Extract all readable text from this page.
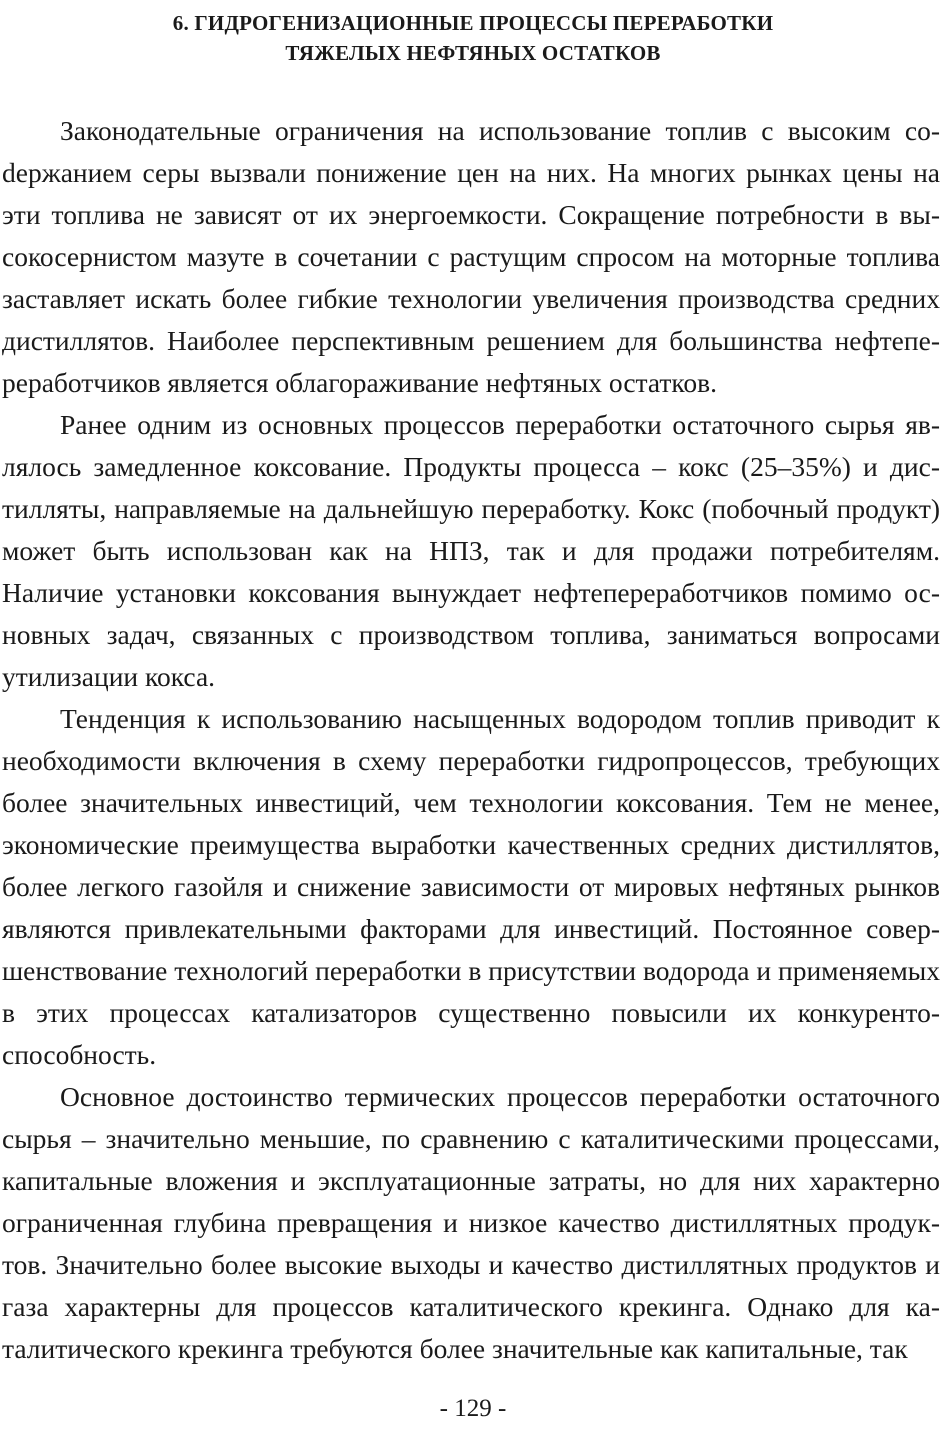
6. ГИДРОГЕНИЗАЦИОННЫЕ ПРОЦЕССЫ ПЕРЕРАБОТКИ
ТЯЖЕЛЫХ НЕФТЯНЫХ ОСТАТКОВ

Законодательные ограничения на использование топлив с высоким соdержанием серы вызвали понижение цен на них. На многих рынках цены на эти топлива не зависят от их энергоемкости. Сокращение потребности в высокосернистом мазуте в сочетании с растущим спросом на моторные топлива заставляет искать более гибкие технологии увеличения производства средних дистиллятов. Наиболее перспективным решением для большинства нефтепереработчиков является облагораживание нефтяных остатков.

Ранее одним из основных процессов переработки остаточного сырья являлось замедленное коксование. Продукты процесса – кокс (25–35%) и дистилляты, направляемые на дальнейшую переработку. Кокс (побочный продукт) может быть использован как на НПЗ, так и для продажи потребителям. Наличие установки коксования вынуждает нефтепереработчиков помимо основных задач, связанных с производством топлива, заниматься вопросами утилизации кокса.

Тенденция к использованию насыщенных водородом топлив приводит к необходимости включения в схему переработки гидропроцессов, требующих более значительных инвестиций, чем технологии коксования. Тем не менее, экономические преимущества выработки качественных средних дистиллятов, более легкого газойля и снижение зависимости от мировых нефтяных рынков являются привлекательными факторами для инвестиций. Постоянное совершенствование технологий переработки в присутствии водорода и применяемых в этих процессах катализаторов существенно повысили их конкурентоспособность.

Основное достоинство термических процессов переработки остаточного сырья – значительно меньшие, по сравнению с каталитическими процессами, капитальные вложения и эксплуатационные затраты, но для них характерно ограниченная глубина превращения и низкое качество дистиллятных продуктов. Значительно более высокие выходы и качество дистиллятных продуктов и газа характерны для процессов каталитического крекинга. Однако для каталитического крекинга требуются более значительные как капитальные, так

- 129 -
